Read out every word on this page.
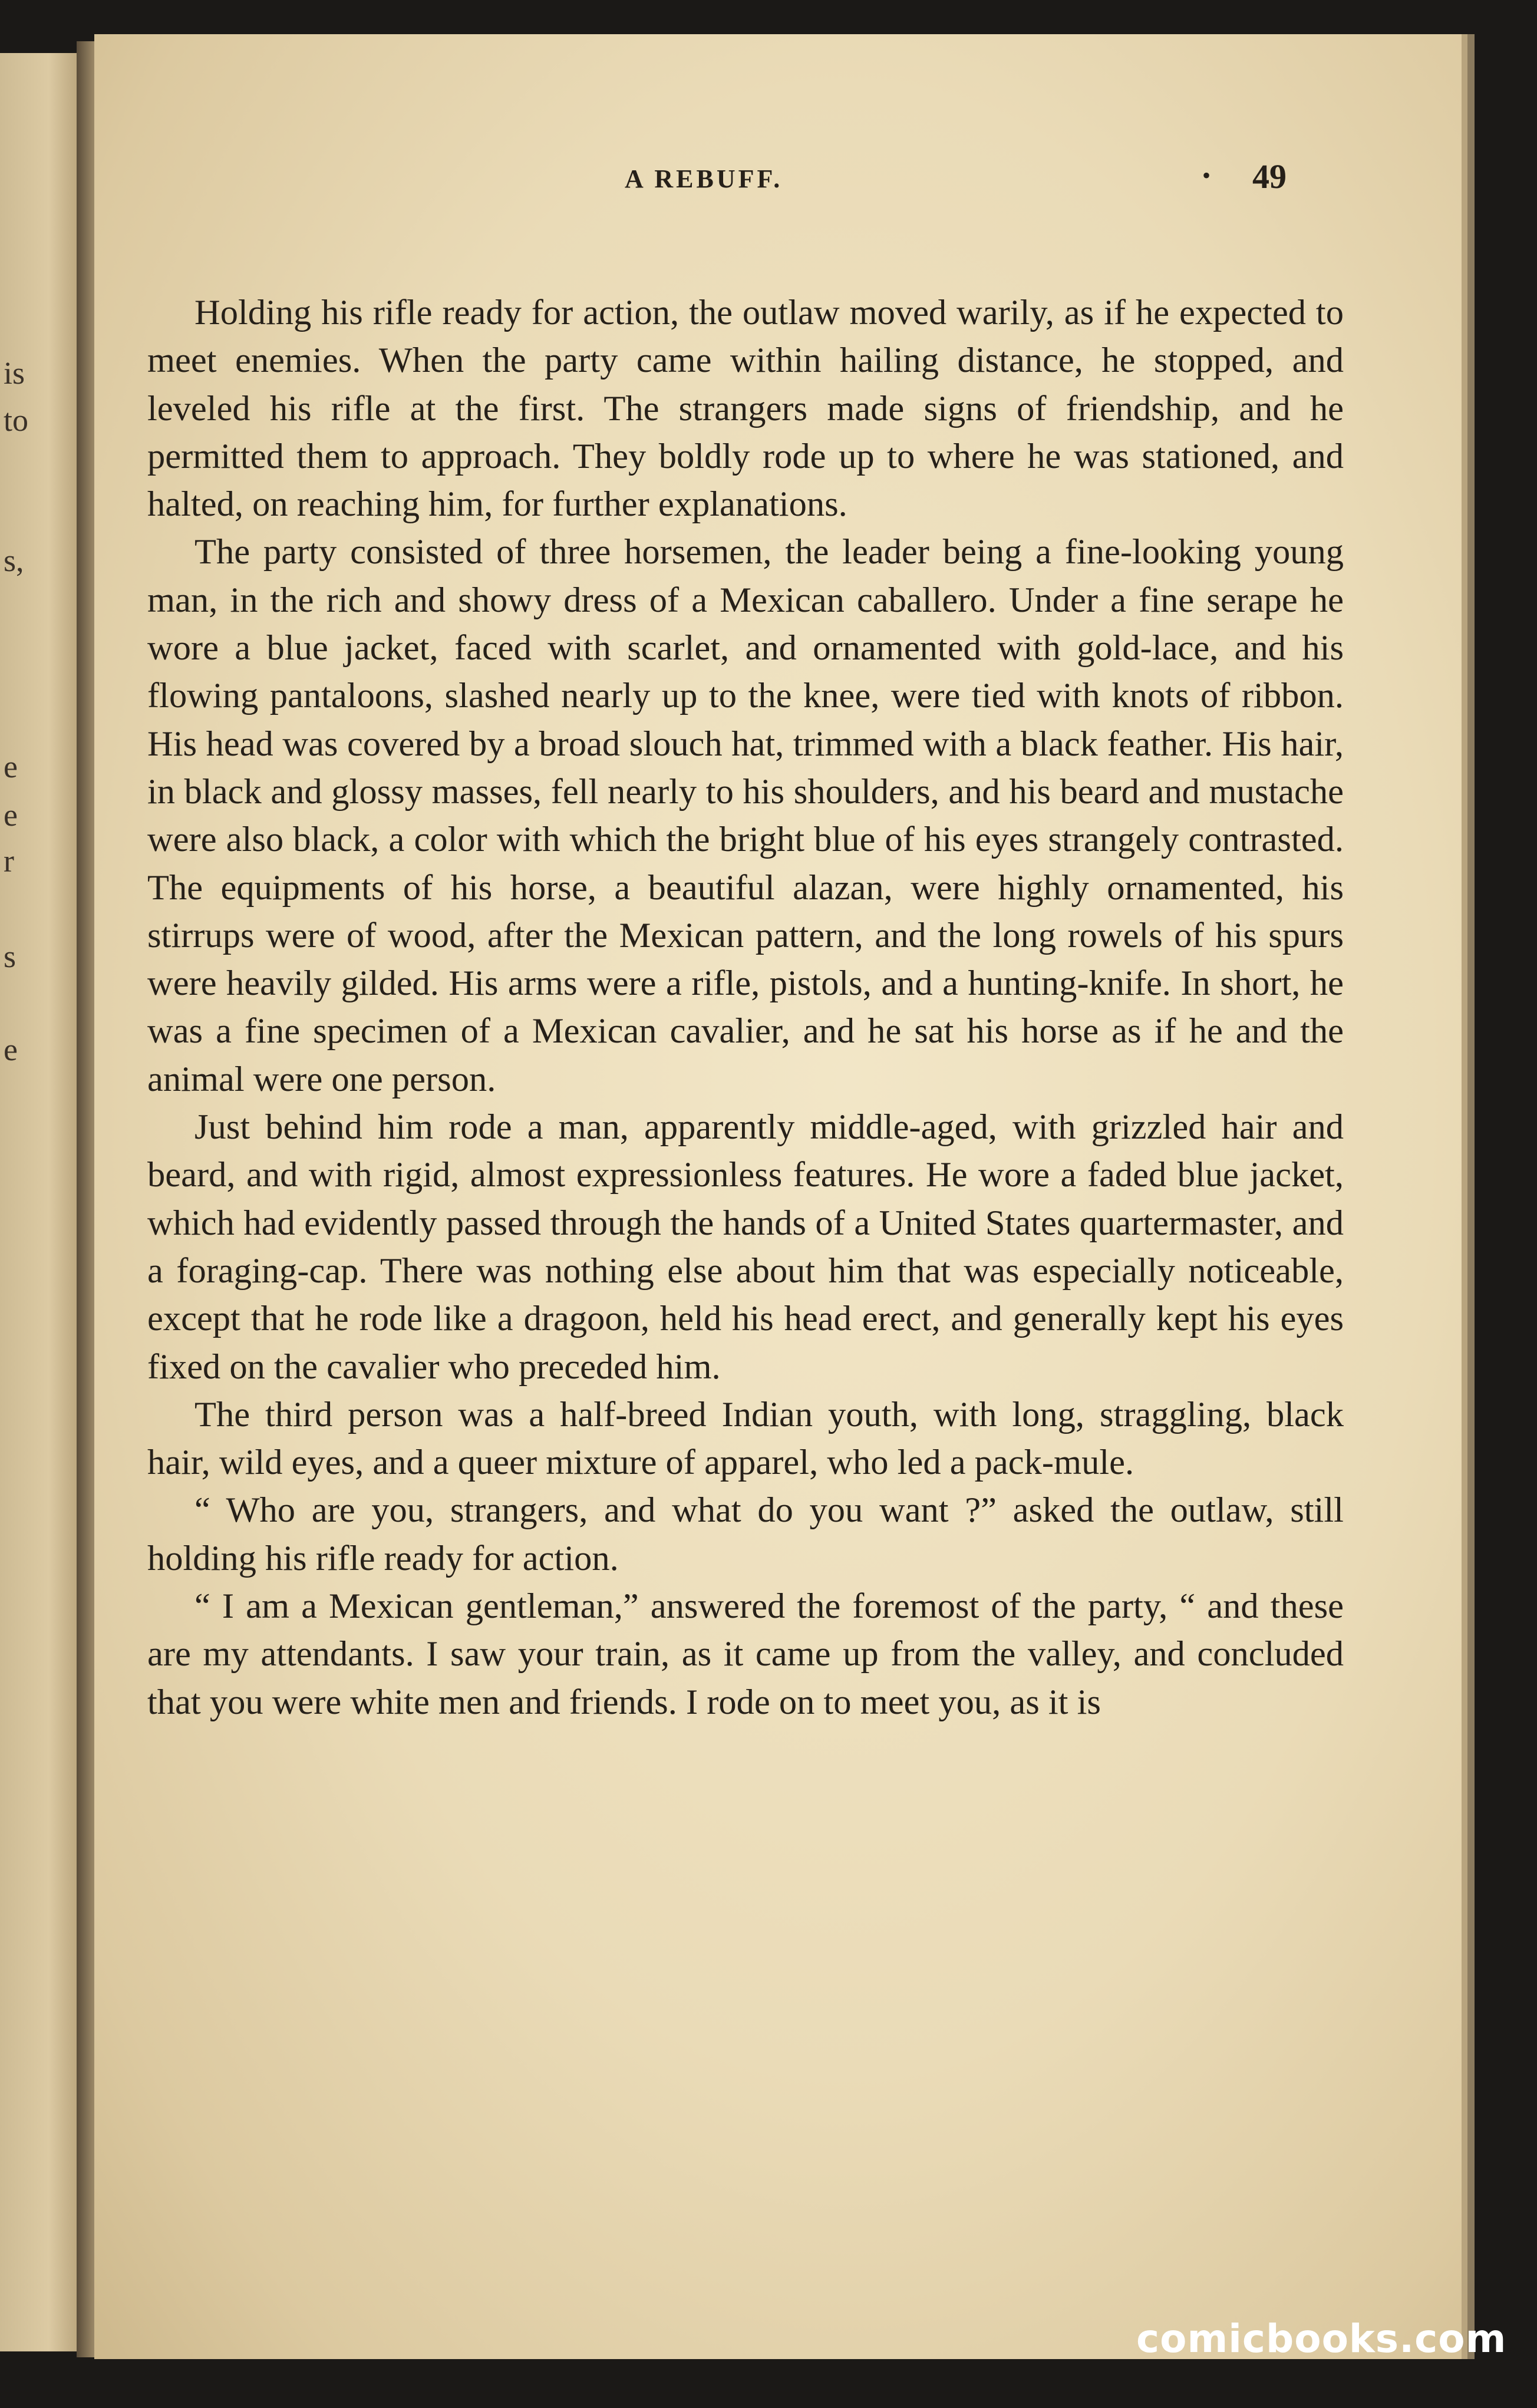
is
to
s,
e
e
r
s
e
A REBUFF.	• 49

Holding his rifle ready for action, the outlaw moved warily, as if he expected to meet enemies. When the party came within hailing distance, he stopped, and leveled his rifle at the first. The strangers made signs of friendship, and he permitted them to approach. They boldly rode up to where he was stationed, and halted, on reaching him, for further explanations.

The party consisted of three horsemen, the leader being a fine-looking young man, in the rich and showy dress of a Mexican caballero. Under a fine serape he wore a blue jacket, faced with scarlet, and ornamented with gold-lace, and his flowing pantaloons, slashed nearly up to the knee, were tied with knots of ribbon. His head was covered by a broad slouch hat, trimmed with a black feather. His hair, in black and glossy masses, fell nearly to his shoulders, and his beard and mustache were also black, a color with which the bright blue of his eyes strangely contrasted. The equipments of his horse, a beautiful alazan, were highly ornamented, his stirrups were of wood, after the Mexican pattern, and the long rowels of his spurs were heavily gilded. His arms were a rifle, pistols, and a hunting-knife. In short, he was a fine specimen of a Mexican cavalier, and he sat his horse as if he and the animal were one person.

Just behind him rode a man, apparently middle-aged, with grizzled hair and beard, and with rigid, almost expressionless features. He wore a faded blue jacket, which had evidently passed through the hands of a United States quartermaster, and a foraging-cap. There was nothing else about him that was especially noticeable, except that he rode like a dragoon, held his head erect, and generally kept his eyes fixed on the cavalier who preceded him.

The third person was a half-breed Indian youth, with long, straggling, black hair, wild eyes, and a queer mixture of apparel, who led a pack-mule.

“ Who are you, strangers, and what do you want ?” asked the outlaw, still holding his rifle ready for action.

“ I am a Mexican gentleman,” answered the foremost of the party, “ and these are my attendants. I saw your train, as it came up from the valley, and concluded that you were white men and friends. I rode on to meet you, as it is

comicbooks.com
